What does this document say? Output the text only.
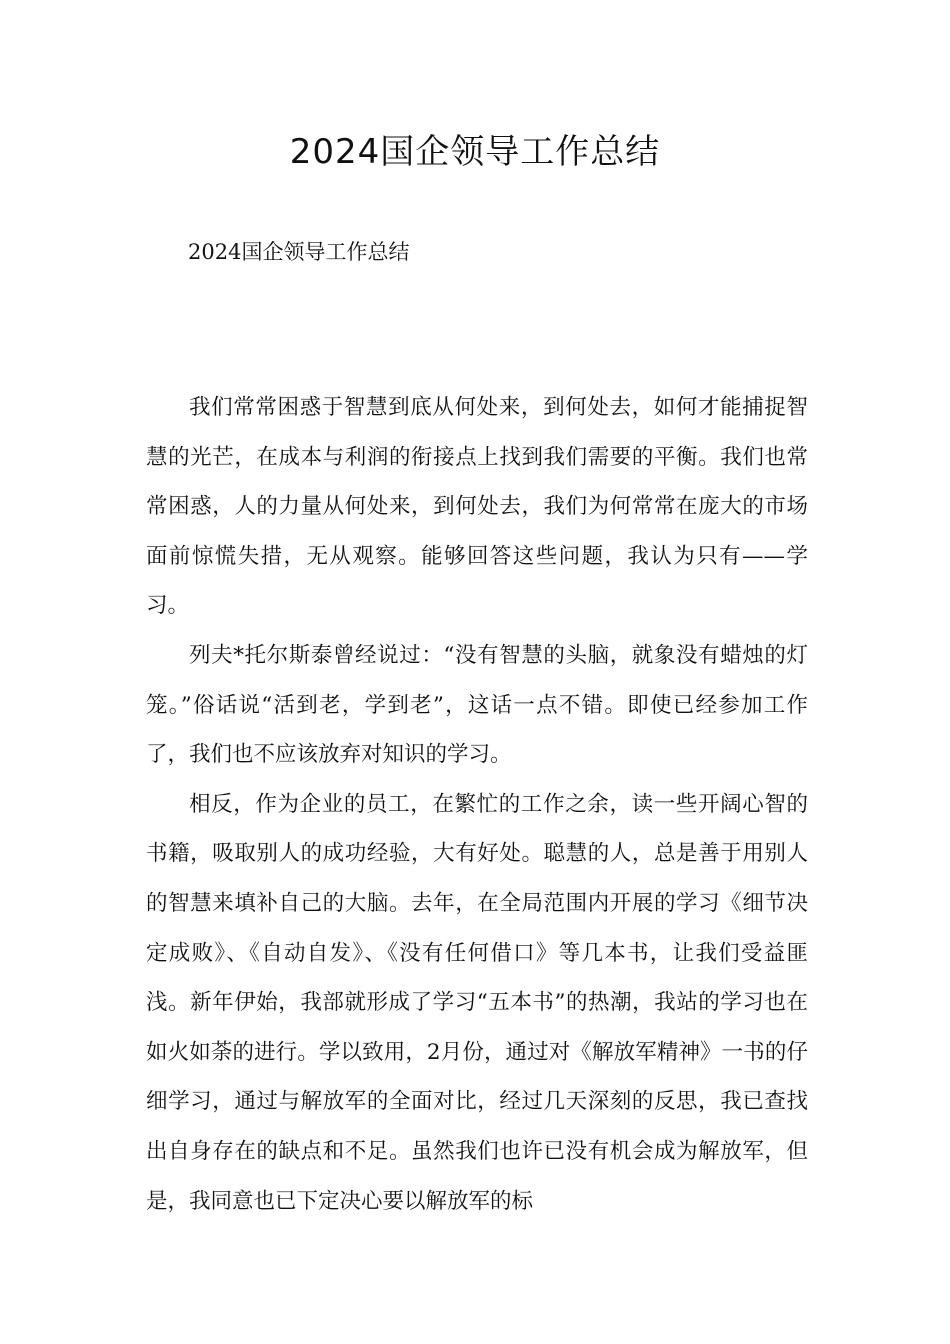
2024国企领导工作总结

2024国企领导工作总结

我们常常困惑于智慧到底从何处来，到何处去，如何才能捕捉智慧的光芒，在成本与利润的衔接点上找到我们需要的平衡。我们也常常困惑，人的力量从何处来，到何处去，我们为何常常在庞大的市场面前惊慌失措，无从观察。能够回答这些问题，我认为只有——学习。

列夫*托尔斯泰曾经说过：“没有智慧的头脑，就象没有蜡烛的灯笼。”俗话说“活到老，学到老”，这话一点不错。即使已经参加工作了，我们也不应该放弃对知识的学习。

相反，作为企业的员工，在繁忙的工作之余，读一些开阔心智的书籍，吸取别人的成功经验，大有好处。聪慧的人，总是善于用别人的智慧来填补自己的大脑。去年，在全局范围内开展的学习《细节决定成败》、《自动自发》、《没有任何借口》等几本书，让我们受益匪浅。新年伊始，我部就形成了学习“五本书”的热潮，我站的学习也在如火如荼的进行。学以致用，2月份，通过对《解放军精神》一书的仔细学习，通过与解放军的全面对比，经过几天深刻的反思，我已查找出自身存在的缺点和不足。虽然我们也许已没有机会成为解放军，但是，我同意也已下定决心要以解放军的标
